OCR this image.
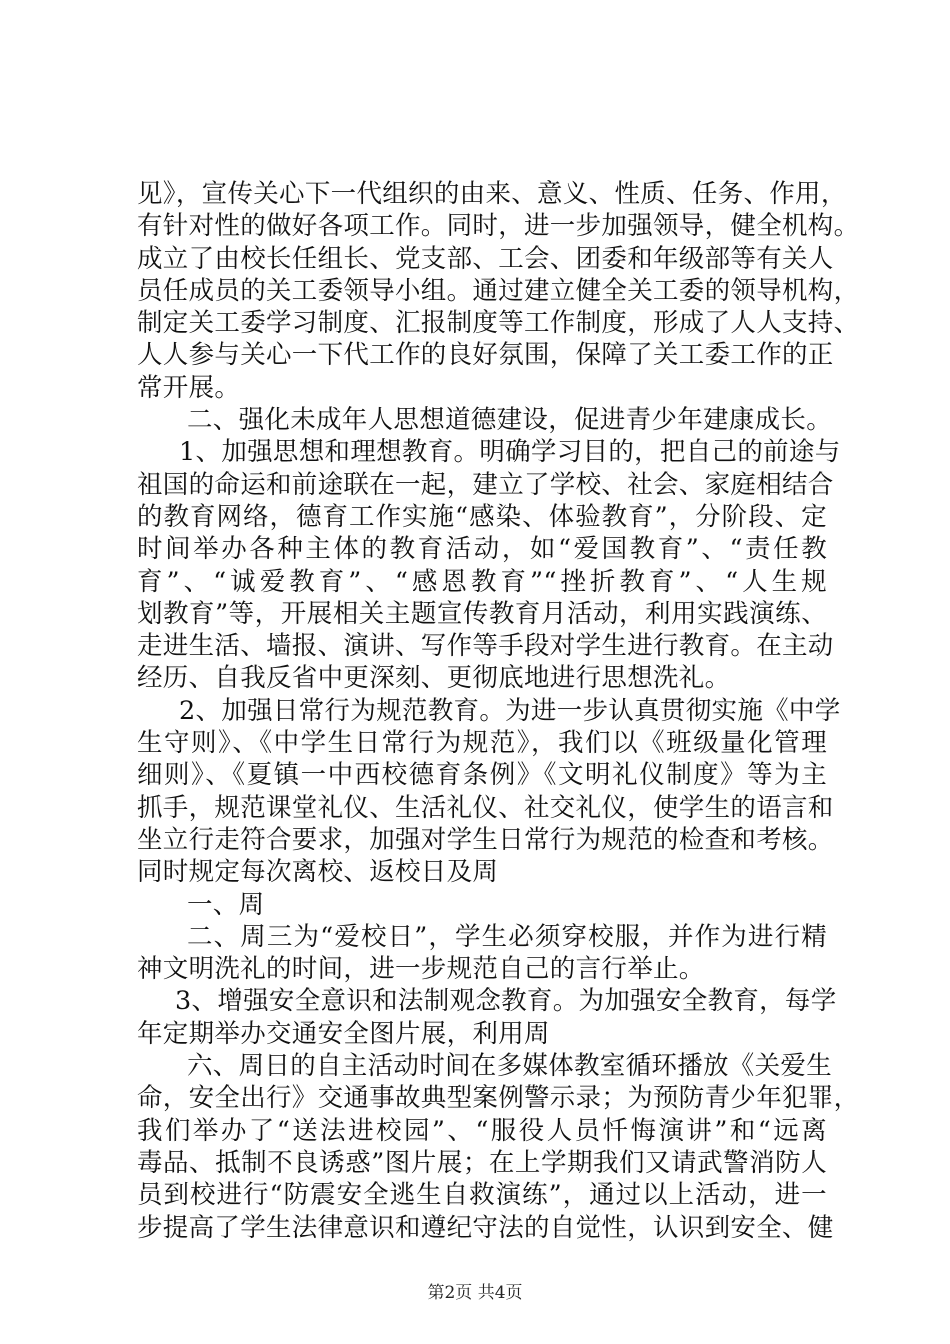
见》，宣传关心下一代组织的由来、意义、性质、任务、作用，
有针对性的做好各项工作。同时，进一步加强领导，健全机构。
成立了由校长任组长、党支部、工会、团委和年级部等有关人
员任成员的关工委领导小组。通过建立健全关工委的领导机构，
制定关工委学习制度、汇报制度等工作制度，形成了人人支持、
人人参与关心一下代工作的良好氛围，保障了关工委工作的正
常开展。
二、强化未成年人思想道德建设，促进青少年建康成长。
1、加强思想和理想教育。明确学习目的，把自己的前途与
祖国的命运和前途联在一起，建立了学校、社会、家庭相结合
的教育网络，德育工作实施“感染、体验教育”，分阶段、定
时间举办各种主体的教育活动，如“爱国教育”、“责任教
育”、“诚爱教育”、“感恩教育”“挫折教育”、“人生规
划教育”等，开展相关主题宣传教育月活动，利用实践演练、
走进生活、墙报、演讲、写作等手段对学生进行教育。在主动
经历、自我反省中更深刻、更彻底地进行思想洗礼。
2、加强日常行为规范教育。为进一步认真贯彻实施《中学
生守则》、《中学生日常行为规范》，我们以《班级量化管理
细则》、《夏镇一中西校德育条例》《文明礼仪制度》等为主
抓手，规范课堂礼仪、生活礼仪、社交礼仪，使学生的语言和
坐立行走符合要求，加强对学生日常行为规范的检查和考核。
同时规定每次离校、返校日及周
一、周
二、周三为“爱校日”，学生必须穿校服，并作为进行精
神文明洗礼的时间，进一步规范自己的言行举止。
3、增强安全意识和法制观念教育。为加强安全教育，每学
年定期举办交通安全图片展，利用周
六、周日的自主活动时间在多媒体教室循环播放《关爱生
命，安全出行》交通事故典型案例警示录；为预防青少年犯罪，
我们举办了“送法进校园”、“服役人员忏悔演讲”和“远离
毒品、抵制不良诱惑”图片展；在上学期我们又请武警消防人
员到校进行“防震安全逃生自救演练”，通过以上活动，进一
步提高了学生法律意识和遵纪守法的自觉性，认识到安全、健
第2页 共4页
